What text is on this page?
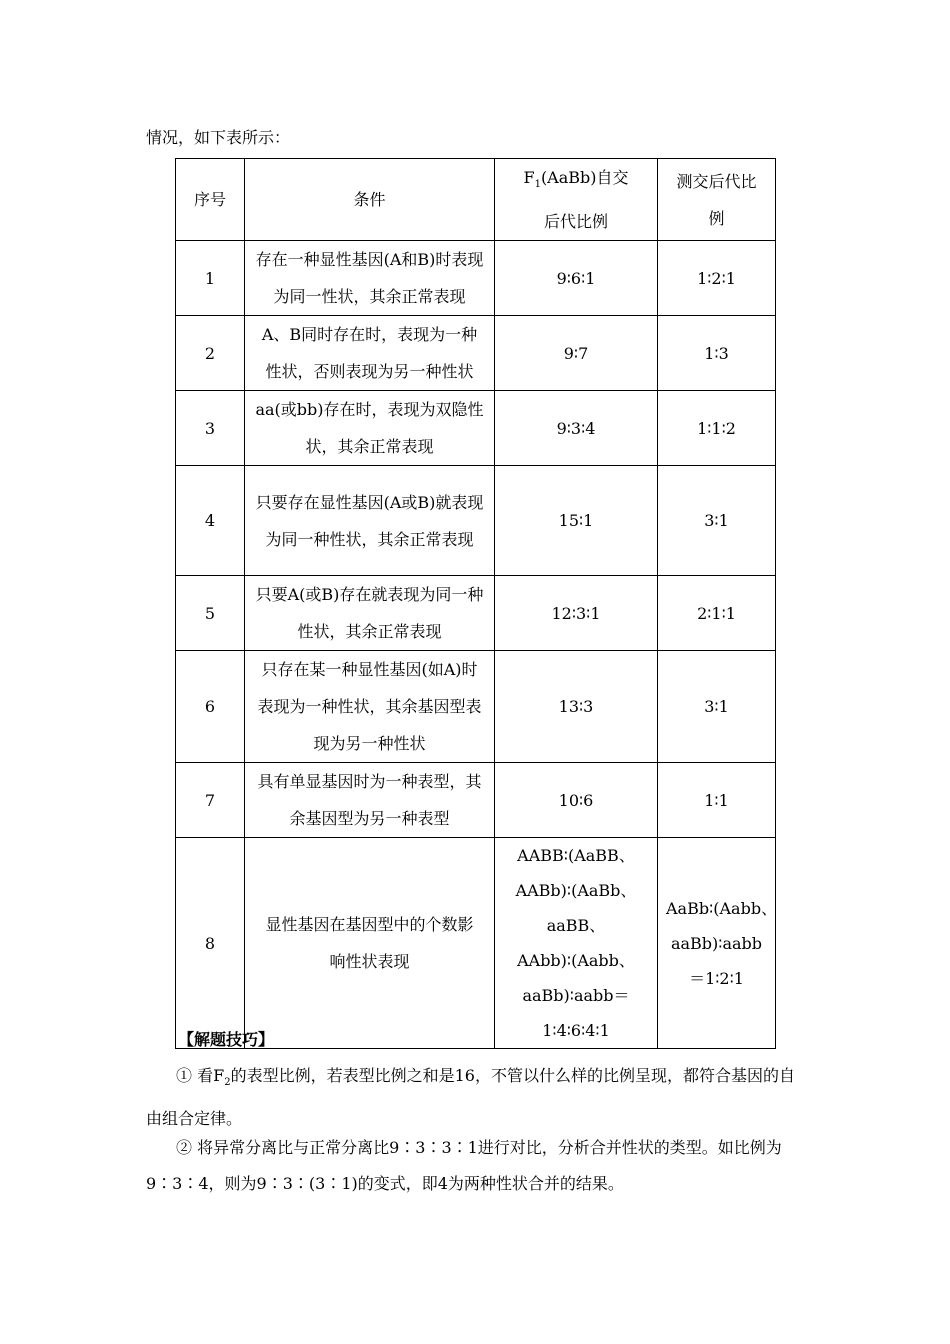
情况，如下表所示：
序号	条件	$F_1(AaBb)$自交后代比例	测交后代比例
1	存在一种显性基因(A和B)时表现为同一性状，其余正常表现	9∶6∶1	1∶2∶1
2	A、B同时存在时，表现为一种性状，否则表现为另一种性状	9∶7	1∶3
3	aa(或bb)存在时，表现为双隐性状，其余正常表现	9∶3∶4	1∶1∶2
4	只要存在显性基因(A或B)就表现为同一种性状，其余正常表现	15∶1	3∶1
5	只要A(或B)存在就表现为同一种性状，其余正常表现	12∶3∶1	2∶1∶1
6	只存在某一种显性基因(如A)时表现为一种性状，其余基因型表现为另一种性状	13∶3	3∶1
7	具有单显基因时为一种表型，其余基因型为另一种表型	10∶6	1∶1
8	显性基因在基因型中的个数影响性状表现	AABB∶(AaBB、AABb)∶(AaBb、aaBB、AAbb)∶(Aabb、aaBb)∶aabb＝1∶4∶6∶4∶1	AaBb∶(Aabb、aaBb)∶aabb＝1∶2∶1
【解题技巧】
① 看$F_2$的表型比例，若表型比例之和是16，不管以什么样的比例呈现，都符合基因的自由组合定律。
② 将异常分离比与正常分离比9∶3∶3∶1进行对比，分析合并性状的类型。如比例为9∶3∶4，则为9∶3∶(3∶1)的变式，即4为两种性状合并的结果。
